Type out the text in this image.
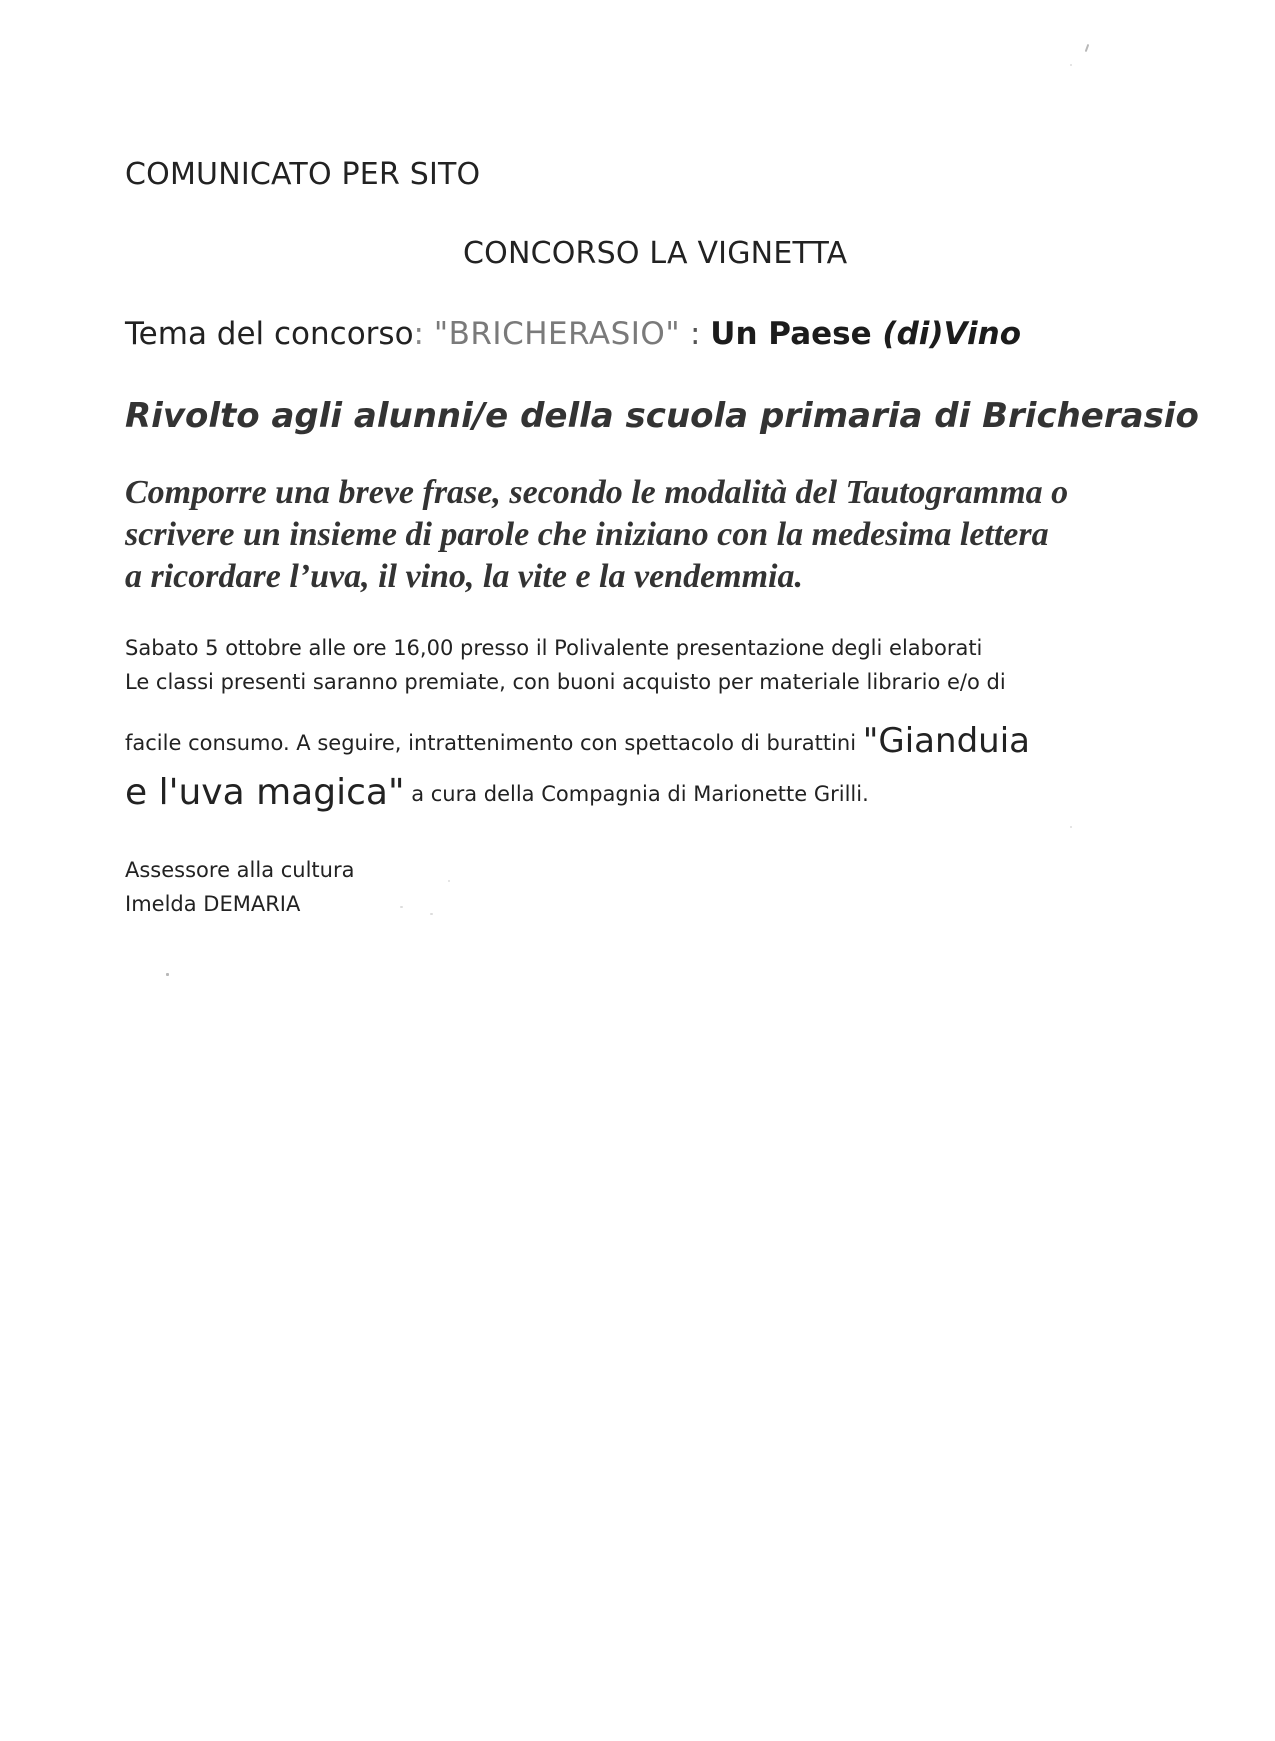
COMUNICATO PER SITO
CONCORSO LA VIGNETTA
Tema del concorso: "BRICHERASIO" : Un Paese (di)Vino
Rivolto agli alunni/e della scuola primaria di Bricherasio
Comporre una breve frase, secondo le modalità del Tautogramma o
scrivere un insieme di parole che iniziano con la medesima lettera
a ricordare l’uva, il vino, la vite e la vendemmia.
Sabato 5 ottobre alle ore 16,00 presso il Polivalente presentazione degli elaborati
Le classi presenti saranno premiate, con buoni acquisto per materiale librario e/o di
facile consumo. A seguire, intrattenimento con spettacolo di burattini "Gianduia
e l'uva magica" a cura della Compagnia di Marionette Grilli.
Assessore alla cultura
Imelda DEMARIA
